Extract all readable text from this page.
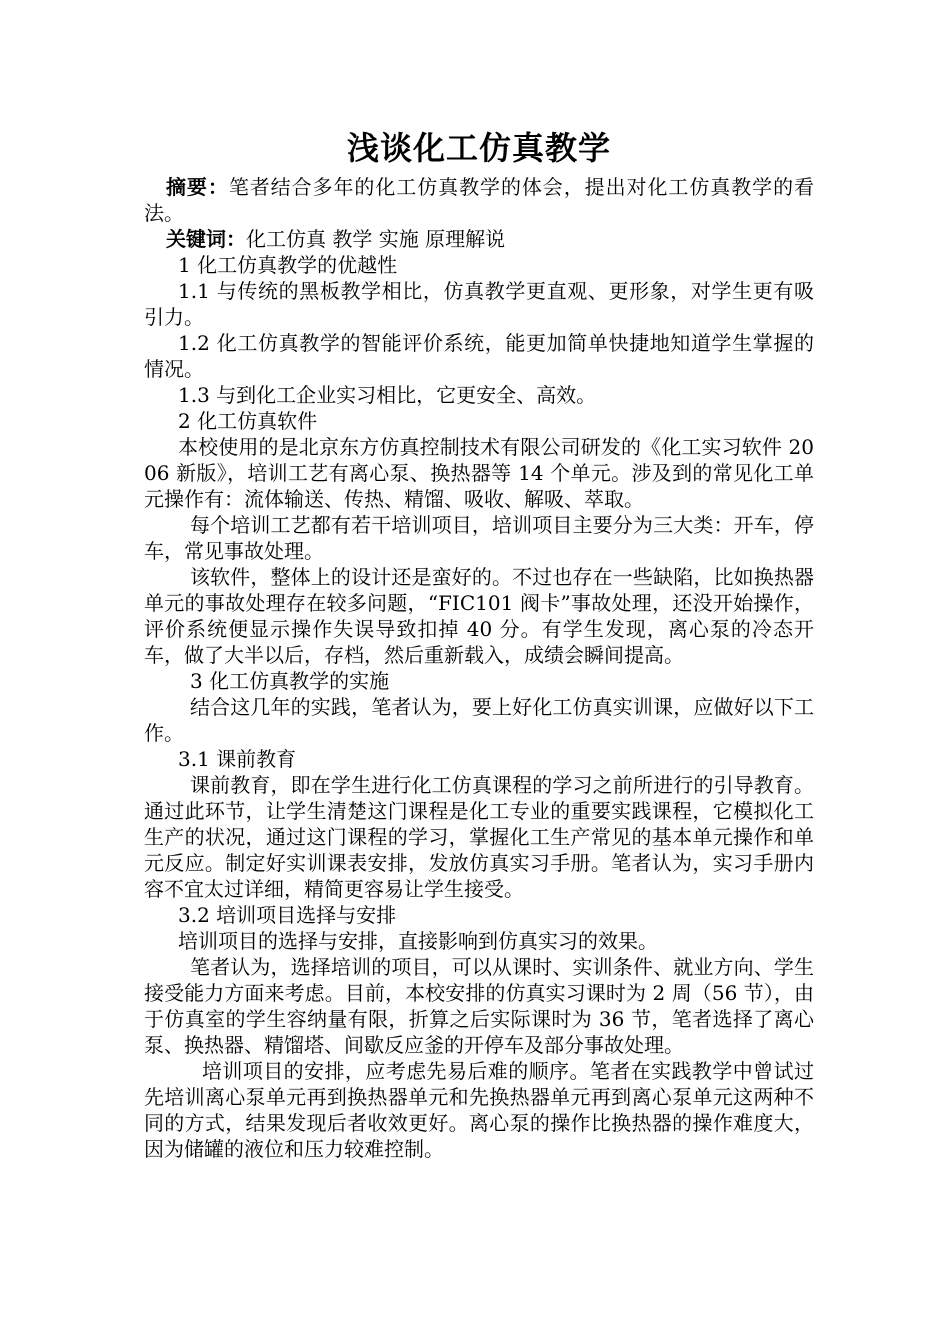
浅谈化工仿真教学

摘要：笔者结合多年的化工仿真教学的体会，提出对化工仿真教学的看法。

关键词：化工仿真 教学 实施 原理解说

1 化工仿真教学的优越性

1.1 与传统的黑板教学相比，仿真教学更直观、更形象，对学生更有吸引力。

1.2 化工仿真教学的智能评价系统，能更加简单快捷地知道学生掌握的情况。

1.3 与到化工企业实习相比，它更安全、高效。

2 化工仿真软件

本校使用的是北京东方仿真控制技术有限公司研发的《化工实习软件 2006 新版》，培训工艺有离心泵、换热器等 14 个单元。涉及到的常见化工单元操作有：流体输送、传热、精馏、吸收、解吸、萃取。

每个培训工艺都有若干培训项目，培训项目主要分为三大类：开车，停车，常见事故处理。

该软件，整体上的设计还是蛮好的。不过也存在一些缺陷，比如换热器单元的事故处理存在较多问题，“FIC101 阀卡”事故处理，还没开始操作，评价系统便显示操作失误导致扣掉 40 分。有学生发现，离心泵的冷态开车，做了大半以后，存档，然后重新载入，成绩会瞬间提高。

3 化工仿真教学的实施

结合这几年的实践，笔者认为，要上好化工仿真实训课，应做好以下工作。

3.1 课前教育

课前教育，即在学生进行化工仿真课程的学习之前所进行的引导教育。通过此环节，让学生清楚这门课程是化工专业的重要实践课程，它模拟化工生产的状况，通过这门课程的学习，掌握化工生产常见的基本单元操作和单元反应。制定好实训课表安排，发放仿真实习手册。笔者认为，实习手册内容不宜太过详细，精简更容易让学生接受。

3.2 培训项目选择与安排

培训项目的选择与安排，直接影响到仿真实习的效果。

笔者认为，选择培训的项目，可以从课时、实训条件、就业方向、学生接受能力方面来考虑。目前，本校安排的仿真实习课时为 2 周（56 节），由于仿真室的学生容纳量有限，折算之后实际课时为 36 节，笔者选择了离心泵、换热器、精馏塔、间歇反应釜的开停车及部分事故处理。

培训项目的安排，应考虑先易后难的顺序。笔者在实践教学中曾试过先培训离心泵单元再到换热器单元和先换热器单元再到离心泵单元这两种不同的方式，结果发现后者收效更好。离心泵的操作比换热器的操作难度大，因为储罐的液位和压力较难控制。
